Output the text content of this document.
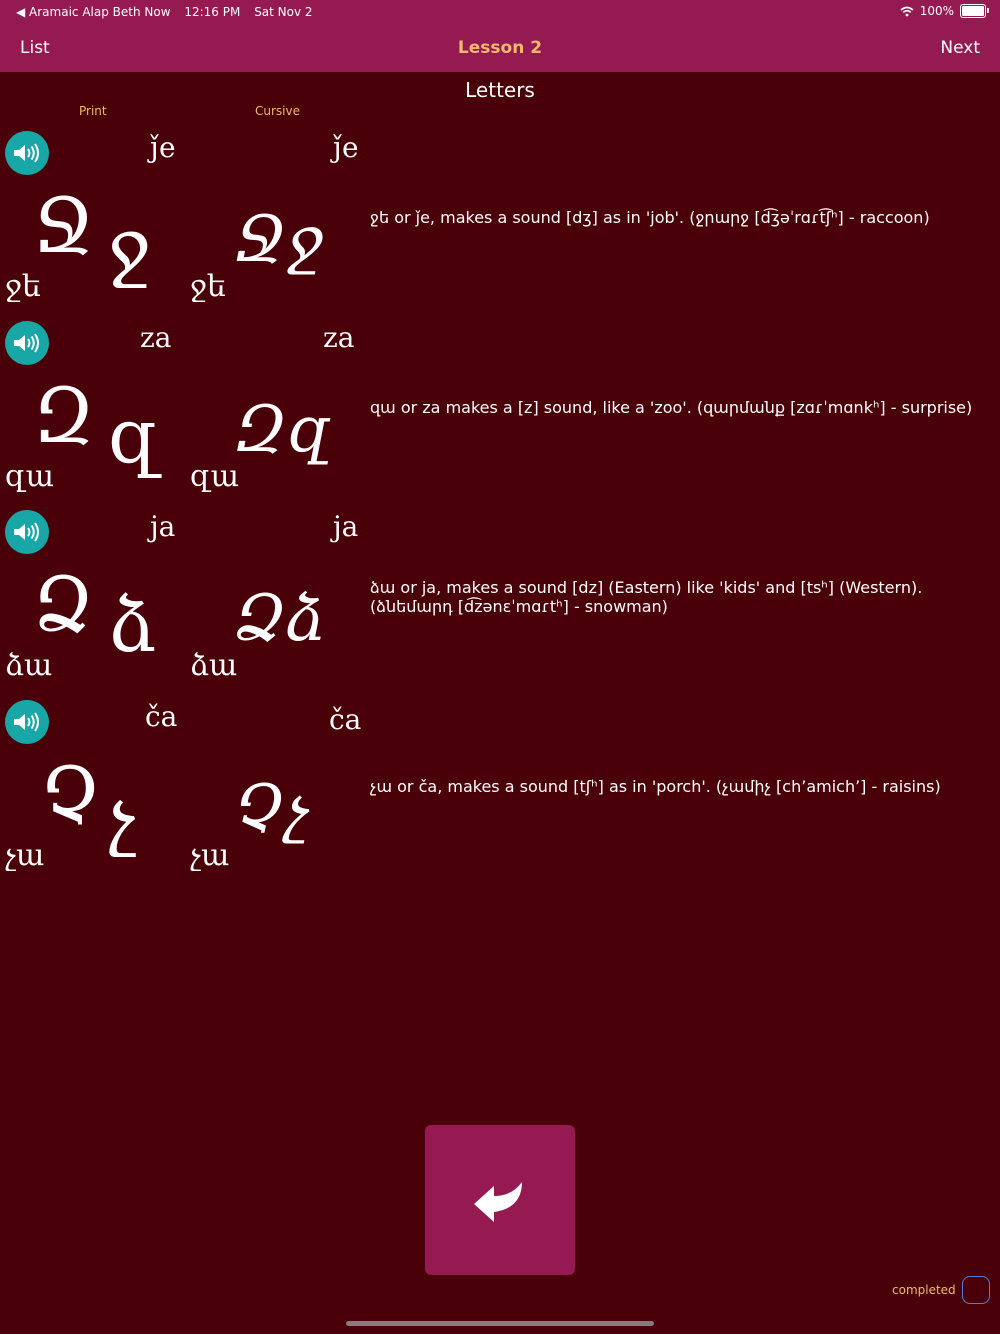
◀ Aramaic Alap Beth Now 12:16 PM Sat Nov 2	100%
List	Lesson 2	Next
Letters
Print	Cursive
ǰe	ǰe
Ջ ջ Ջջ
ջե	ջե
ջե or ǰe, makes a sound [dʒ] as in 'job'. (ջրարջ [d͡ʒəˈrɑɾt͡ʃʰ] - raccoon)
za	za
Զ զ Զզ
զա	զա
զա or za makes a [z] sound, like a 'zoo'. (զարմանք [zɑɾˈmɑnkʰ] - surprise)
ja	ja
Ձ ձ Ձձ
ձա	ձա
ձա or ja, makes a sound [dz] (Eastern) like 'kids' and [tsʰ] (Western). (ձնեմարդ [d͡zənɛˈmɑɾtʰ] - snowman)
ča	ča
Չ չ Չչ
չա	չա
չա or ča, makes a sound [tʃʰ] as in 'porch'. (չամիչ [ch’amich’] - raisins)
completed
